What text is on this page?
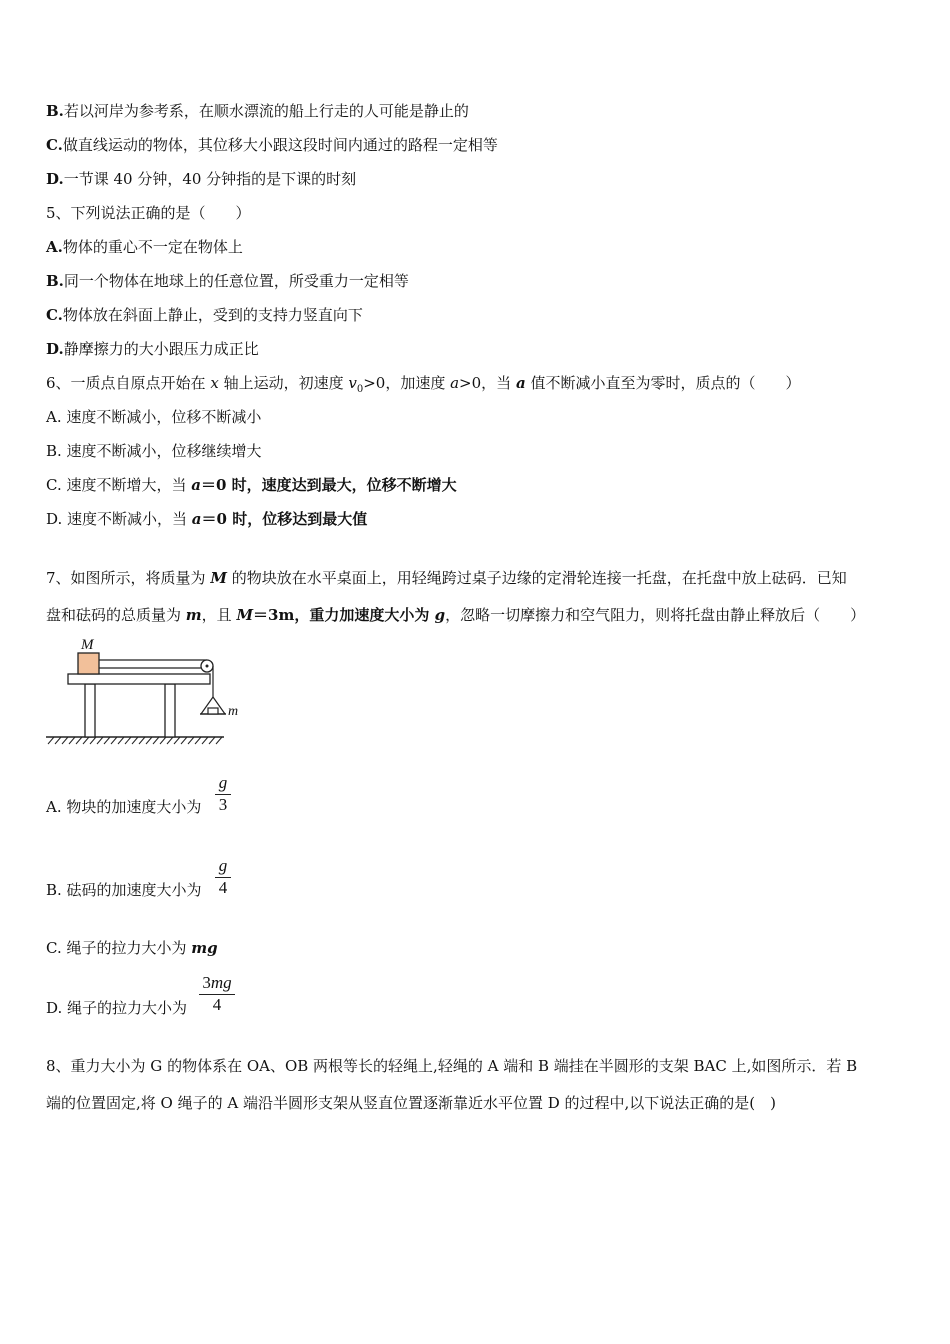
B.若以河岸为参考系，在顺水漂流的船上行走的人可能是静止的
C.做直线运动的物体，其位移大小跟这段时间内通过的路程一定相等
D.一节课 40 分钟，40 分钟指的是下课的时刻
5、下列说法正确的是（　　）
A.物体的重心不一定在物体上
B.同一个物体在地球上的任意位置，所受重力一定相等
C.物体放在斜面上静止，受到的支持力竖直向下
D.静摩擦力的大小跟压力成正比
6、一质点自原点开始在 x 轴上运动，初速度 $v_0>0$，加速度 a>0，当 a 值不断减小直至为零时，质点的（　　）
A. 速度不断减小，位移不断减小
B. 速度不断减小，位移继续增大
C. 速度不断增大，当 a＝0 时，速度达到最大，位移不断增大
D. 速度不断减小，当 a＝0 时，位移达到最大值
7、如图所示，将质量为 M 的物块放在水平桌面上，用轻绳跨过桌子边缘的定滑轮连接一托盘，在托盘中放上砝码．已知
盘和砝码的总质量为 m，且 M＝3m，重力加速度大小为 g，忽略一切摩擦力和空气阻力，则将托盘由静止释放后（　　）
M
m
A. 物块的加速度大小为
g
3
B. 砝码的加速度大小为
g
4
C. 绳子的拉力大小为 mg
D. 绳子的拉力大小为
3mg
4
8、重力大小为 G 的物体系在 OA、OB 两根等长的轻绳上,轻绳的 A 端和 B 端挂在半圆形的支架 BAC 上,如图所示．若 B
端的位置固定,将 O 绳子的 A 端沿半圆形支架从竖直位置逐渐靠近水平位置 D 的过程中,以下说法正确的是(　)
